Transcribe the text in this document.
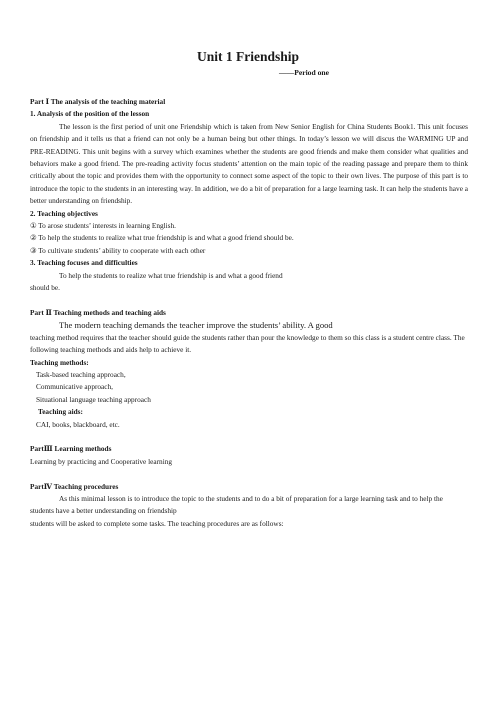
Unit 1 Friendship
——Period one

Part Ⅰ The analysis of the teaching material

1. Analysis of the position of the lesson

The lesson is the first period of unit one Friendship which is taken from New Senior English for China Students Book1. This unit focuses on friendship and it tells us that a friend can not only be a human being but other things. In today’s lesson we will discus the WARMING UP and PRE-READING. This unit begins with a survey which examines whether the students are good friends and make them consider what qualities and behaviors make a good friend. The pre-reading activity focus students’ attention on the main topic of the reading passage and prepare them to think critically about the topic and provides them with the opportunity to connect some aspect of the topic to their own lives. The purpose of this part is to introduce the topic to the students in an interesting way. In addition, we do a bit of preparation for a large learning task. It can help the students have a better understanding on friendship.

2. Teaching objectives

① To arose students’ interests in learning English.

② To help the students to realize what true friendship is and what a good friend should be.

③ To cultivate students’ ability to cooperate with each other

3. Teaching focuses and difficulties

To help the students to realize what true friendship is and what a good friend

should be.

Part Ⅱ Teaching methods and teaching aids

The modern teaching demands the teacher improve the students’ ability. A good

teaching method requires that the teacher should guide the students rather than pour the knowledge to them so this class is a student centre class. The following teaching methods and aids help to achieve it.

Teaching methods:

Task-based teaching approach,

Communicative approach,

Situational language teaching approach

Teaching aids:

CAI, books, blackboard, etc.

PartⅢ Learning methods

Learning by practicing and Cooperative learning

PartⅣ Teaching procedures

As this minimal lesson is to introduce the topic to the students and to do a bit of preparation for a large learning task and to help the students have a better understanding on friendship

students will be asked to complete some tasks. The teaching procedures are as follows:
